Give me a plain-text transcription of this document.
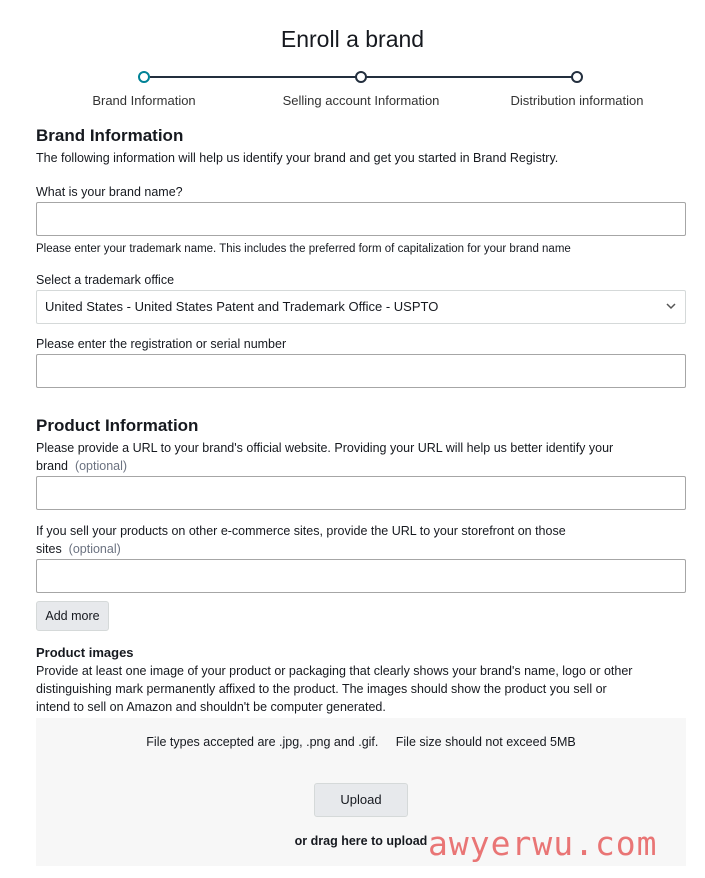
Enroll a brand
Brand Information	Selling account Information	Distribution information
Brand Information
The following information will help us identify your brand and get you started in Brand Registry.
What is your brand name?
Please enter your trademark name. This includes the preferred form of capitalization for your brand name
Select a trademark office
United States - United States Patent and Trademark Office - USPTO
Please enter the registration or serial number
Product Information
Please provide a URL to your brand's official website. Providing your URL will help us better identify your
brand (optional)
If you sell your products on other e-commerce sites, provide the URL to your storefront on those
sites (optional)
Add more
Product images
Provide at least one image of your product or packaging that clearly shows your brand's name, logo or other
distinguishing mark permanently affixed to the product. The images should show the product you sell or
intend to sell on Amazon and shouldn't be computer generated.
File types accepted are .jpg, .png and .gif. File size should not exceed 5MB
Upload
or drag here to upload awyerwu.com
